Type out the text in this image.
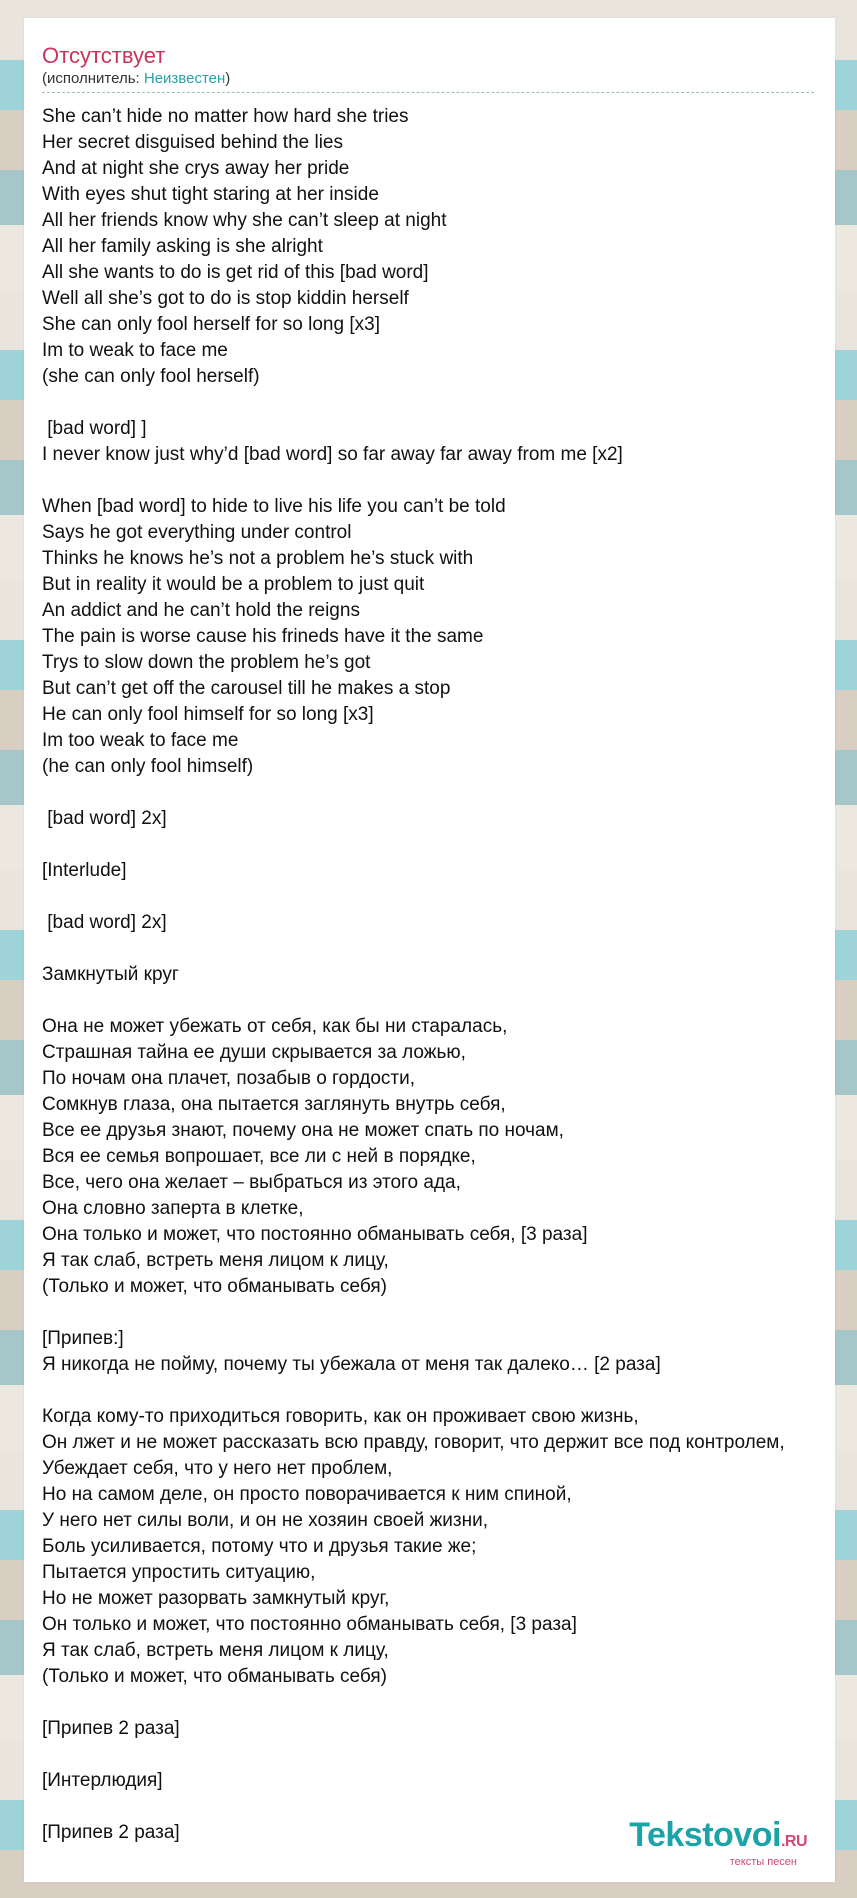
Отсутствует
(исполнитель: Неизвестен)
She can’t hide no matter how hard she tries
Her secret disguised behind the lies
And at night she crys away her pride
With eyes shut tight staring at her inside
All her friends know why she can’t sleep at night
All her family asking is she alright
All she wants to do is get rid of this [bad word]
Well all she’s got to do is stop kiddin herself
She can only fool herself for so long [x3]
Im to weak to face me
(she can only fool herself)
[bad word] ]
I never know just why’d [bad word] so far away far away from me [x2]
When [bad word] to hide to live his life you can’t be told
Says he got everything under control
Thinks he knows he’s not a problem he’s stuck with
But in reality it would be a problem to just quit
An addict and he can’t hold the reigns
The pain is worse cause his frineds have it the same
Trys to slow down the problem he’s got
But can’t get off the carousel till he makes a stop
He can only fool himself for so long [x3]
Im too weak to face me
(he can only fool himself)
[bad word] 2x]
[Interlude]
[bad word] 2x]
Замкнутый круг
Она не может убежать от себя, как бы ни старалась,
Страшная тайна ее души скрывается за ложью,
По ночам она плачет, позабыв о гордости,
Сомкнув глаза, она пытается заглянуть внутрь себя,
Все ее друзья знают, почему она не может спать по ночам,
Вся ее семья вопрошает, все ли с ней в порядке,
Все, чего она желает – выбраться из этого ада,
Она словно заперта в клетке,
Она только и может, что постоянно обманывать себя, [3 раза]
Я так слаб, встреть меня лицом к лицу,
(Только и может, что обманывать себя)
[Припев:]
Я никогда не пойму, почему ты убежала от меня так далеко… [2 раза]
Когда кому-то приходиться говорить, как он проживает свою жизнь,
Он лжет и не может рассказать всю правду, говорит, что держит все под контролем,
Убеждает себя, что у него нет проблем,
Но на самом деле, он просто поворачивается к ним спиной,
У него нет силы воли, и он не хозяин своей жизни,
Боль усиливается, потому что и друзья такие же;
Пытается упростить ситуацию,
Но не может разорвать замкнутый круг,
Он только и может, что постоянно обманывать себя, [3 раза]
Я так слаб, встреть меня лицом к лицу,
(Только и может, что обманывать себя)
[Припев 2 раза]
[Интерлюдия]
[Припев 2 раза]	Tekstovoi.RU
тексты песен
